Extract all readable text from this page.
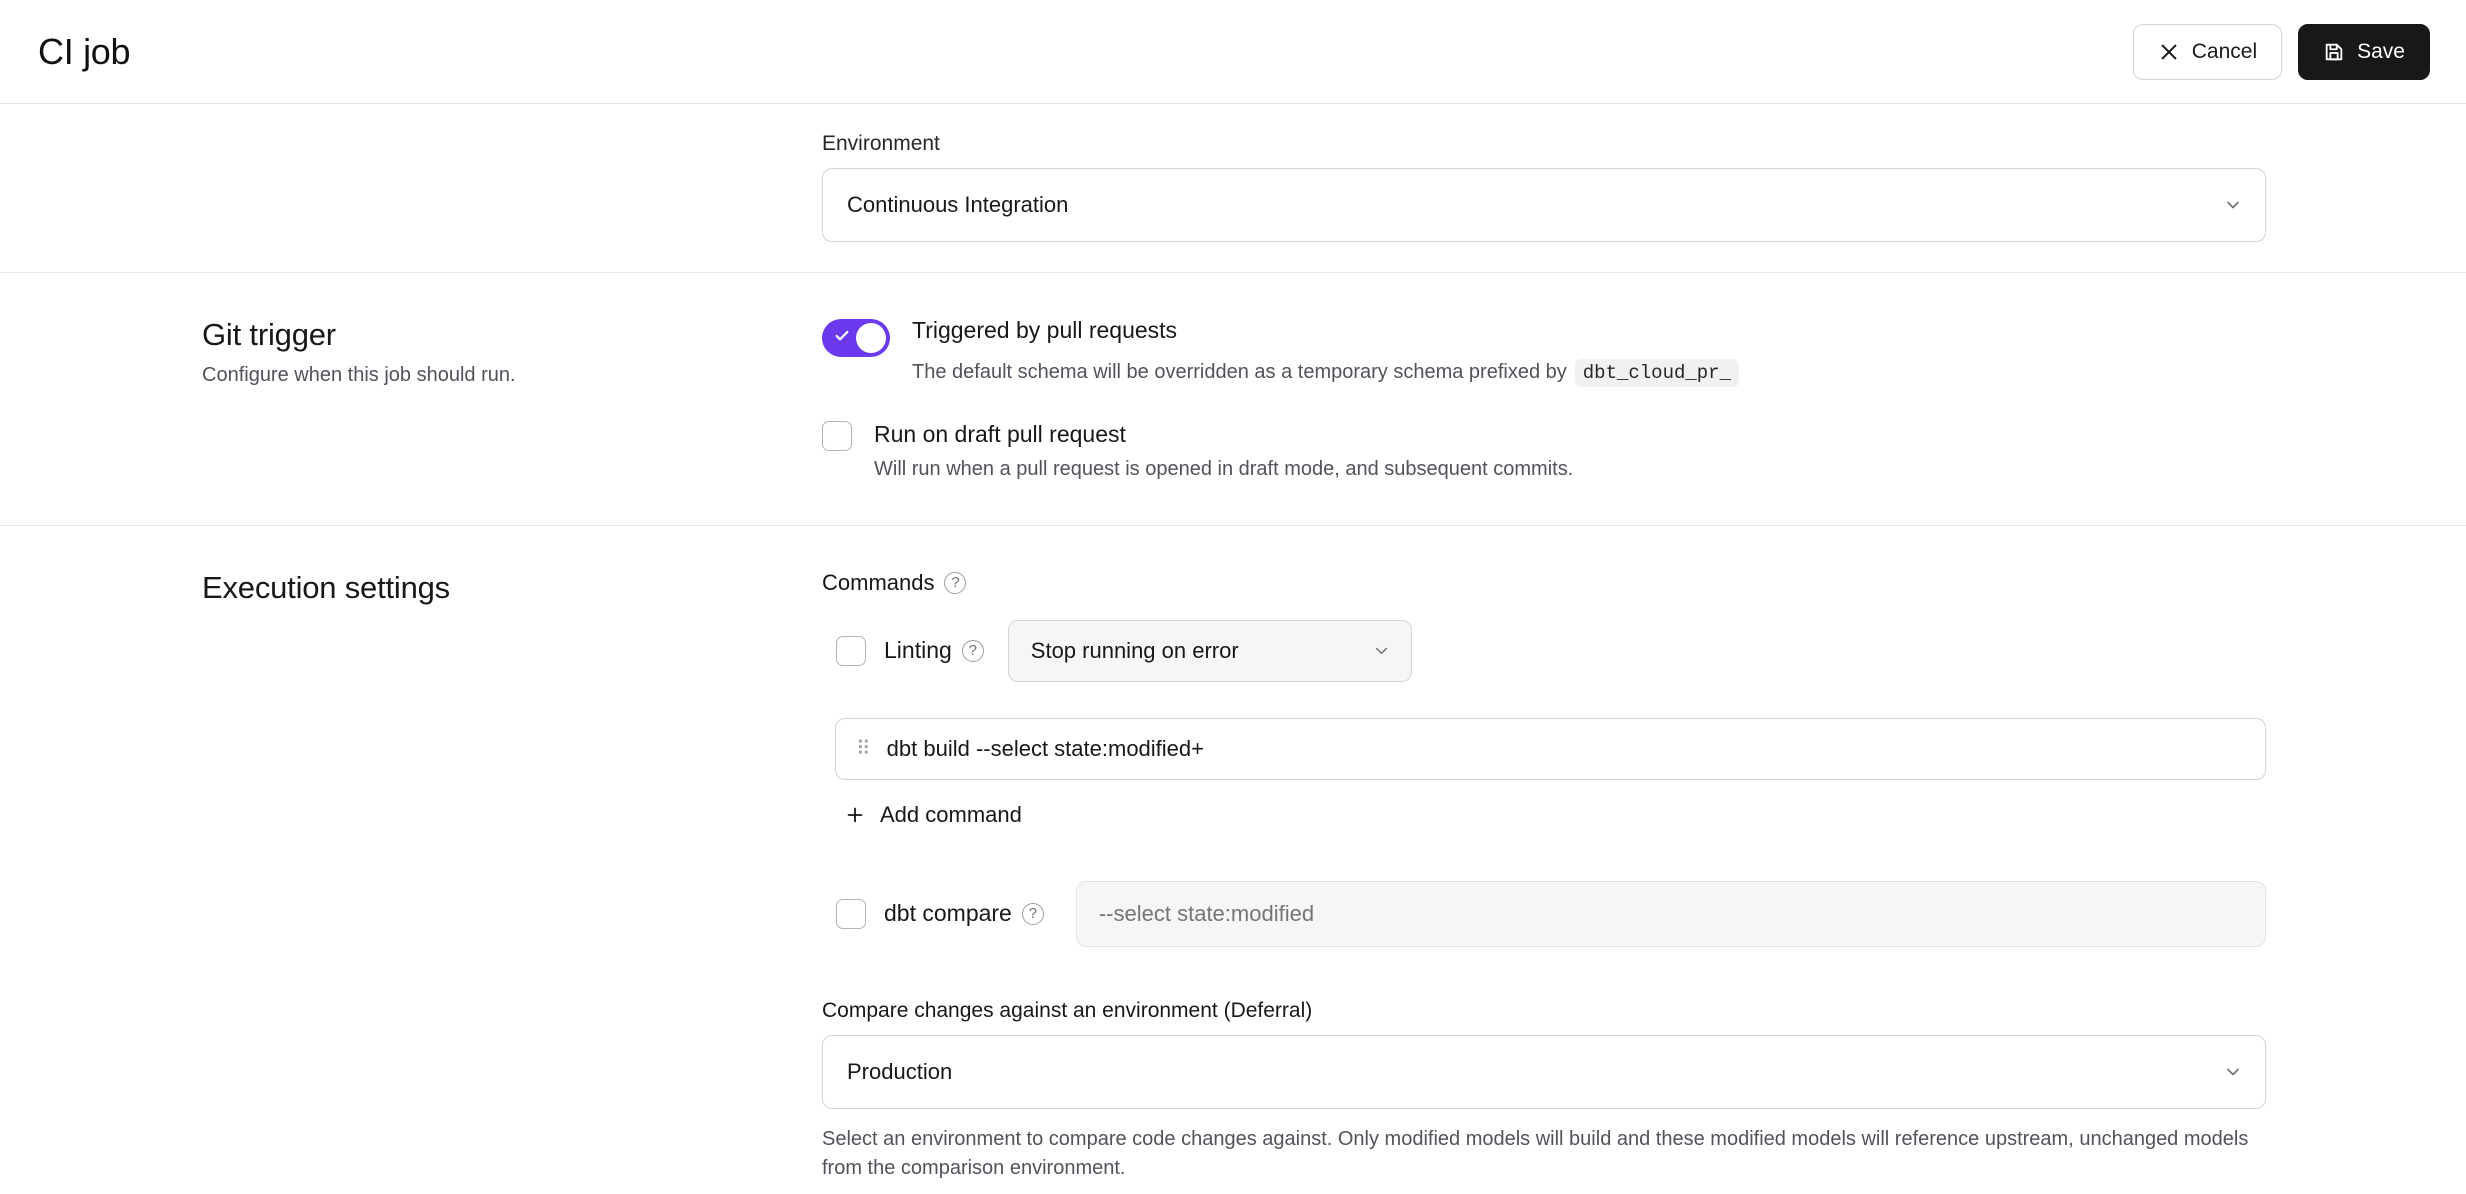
CI job	Cancel	Save
Environment
Continuous Integration
Git trigger

Configure when this job should run.

Triggered by pull requests
The default schema will be overridden as a temporary schema prefixed by dbt_cloud_pr_
Run on draft pull request
Will run when a pull request is opened in draft mode, and subsequent commits.
Execution settings	Commands	?
Linting	?	Stop running on error
⠿ dbt build --select state:modified+
Add command
dbt compare	?
--select state:modified
Compare changes against an environment (Deferral)
Production
Select an environment to compare code changes against. Only modified models will build and these modified models will reference upstream, unchanged models from the comparison environment.
